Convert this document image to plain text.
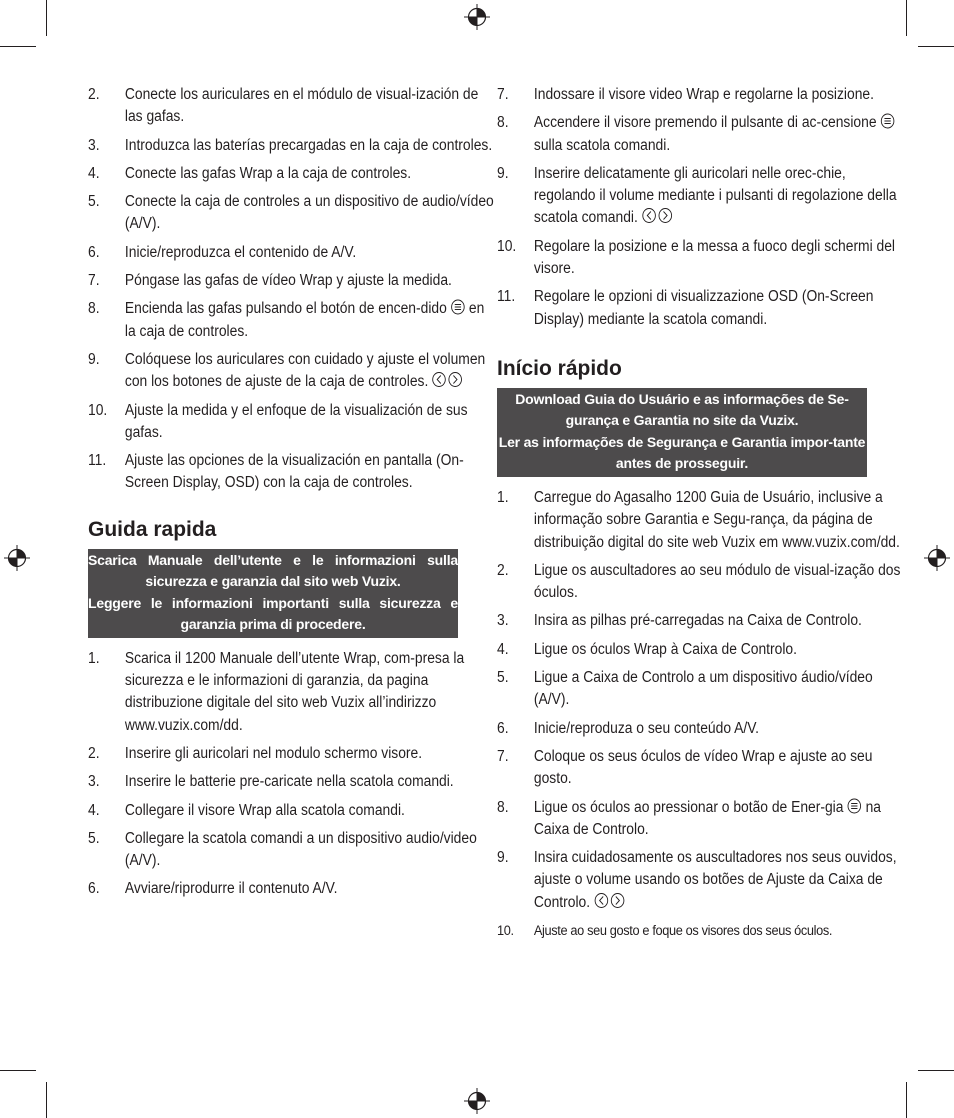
2. Conecte los auriculares en el módulo de visual-ización de las gafas.
3. Introduzca las baterías precargadas en la caja de controles.
4. Conecte las gafas Wrap a la caja de controles.
5. Conecte la caja de controles a un dispositivo de audio/vídeo (A/V).
6. Inicie/reproduzca el contenido de A/V.
7. Póngase las gafas de vídeo Wrap y ajuste la medida.
8. Encienda las gafas pulsando el botón de encen-dido en la caja de controles.
9. Colóquese los auriculares con cuidado y ajuste el volumen con los botones de ajuste de la caja de controles.
10. Ajuste la medida y el enfoque de la visualización de sus gafas.
11. Ajuste las opciones de la visualización en pantalla (On-Screen Display, OSD) con la caja de controles.
Guida rapida
Scarica Manuale dell’utente e le informazioni sulla sicurezza e garanzia dal sito web Vuzix.
Leggere le informazioni importanti sulla sicurezza e garanzia prima di procedere.
1. Scarica il 1200 Manuale dell’utente Wrap, com-presa la sicurezza e le informazioni di garanzia, da pagina distribuzione digitale del sito web Vuzix all’indirizzo www.vuzix.com/dd.
2. Inserire gli auricolari nel modulo schermo visore.
3. Inserire le batterie pre-caricate nella scatola comandi.
4. Collegare il visore Wrap alla scatola comandi.
5. Collegare la scatola comandi a un dispositivo audio/video (A/V).
6. Avviare/riprodurre il contenuto A/V.
7. Indossare il visore video Wrap e regolarne la posizione.
8. Accendere il visore premendo il pulsante di ac-censione  sulla scatola comandi.
9. Inserire delicatamente gli auricolari nelle orec-chie, regolando il volume mediante i pulsanti di regolazione della scatola comandi.
10. Regolare la posizione e la messa a fuoco degli schermi del visore.
11. Regolare le opzioni di visualizzazione OSD (On-Screen Display) mediante la scatola comandi.
Início rápido
Download Guia do Usuário e as informações de Se-gurança e Garantia no site da Vuzix.
Ler as informações de Segurança e Garantia impor-tante antes de prosseguir.
1. Carregue do Agasalho 1200 Guia de Usuário, inclusive a informação sobre Garantia e Segu-rança, da página de distribuição digital do site web Vuzix em www.vuzix.com/dd.
2. Ligue os auscultadores ao seu módulo de visual-ização dos óculos.
3. Insira as pilhas pré-carregadas na Caixa de Controlo.
4. Ligue os óculos Wrap à Caixa de Controlo.
5. Ligue a Caixa de Controlo a um dispositivo áudio/vídeo (A/V).
6. Inicie/reproduza o seu conteúdo A/V.
7. Coloque os seus óculos de vídeo Wrap e ajuste ao seu gosto.
8. Ligue os óculos ao pressionar o botão de Ener-gia na Caixa de Controlo.
9. Insira cuidadosamente os auscultadores nos seus ouvidos, ajuste o volume usando os botões de Ajuste da Caixa de Controlo.
10. Ajuste ao seu gosto e foque os visores dos seus óculos.
